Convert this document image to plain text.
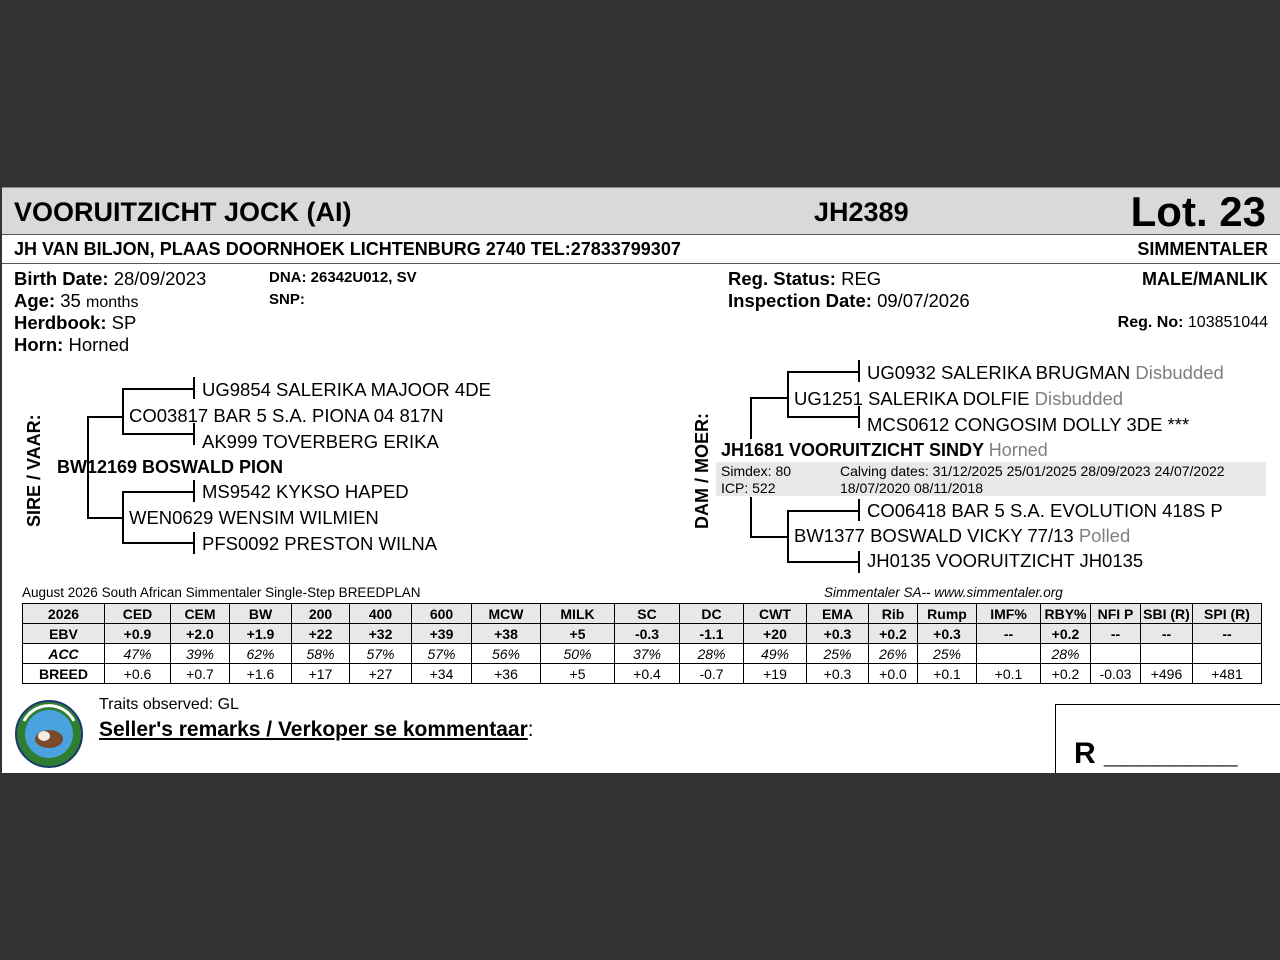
VOORUITZICHT JOCK (AI)	JH2389	Lot. 23
JH VAN BILJON, PLAAS DOORNHOEK LICHTENBURG 2740 TEL:27833799307	SIMMENTALER
Birth Date: 28/09/2023
Age: 35 months
Herdbook: SP
Horn: Horned
DNA: 26342U012, SV
SNP:
Reg. Status: REG
Inspection Date: 09/07/2026
MALE/MANLIK
Reg. No: 103851044
SIRE / VAAR:
UG9854 SALERIKA MAJOOR 4DE
CO03817 BAR 5 S.A. PIONA 04 817N
AK999 TOVERBERG ERIKA
BW12169 BOSWALD PION
MS9542 KYKSO HAPED
WEN0629 WENSIM WILMIEN
PFS0092 PRESTON WILNA
DAM / MOER:
UG0932 SALERIKA BRUGMAN Disbudded
UG1251 SALERIKA DOLFIE Disbudded
MCS0612 CONGOSIM DOLLY 3DE ***
JH1681 VOORUITZICHT SINDY Horned
Simdex: 80
ICP: 522
Calving dates: 31/12/2025 25/01/2025 28/09/2023 24/07/2022
18/07/2020 08/11/2018
CO06418 BAR 5 S.A. EVOLUTION 418S P
BW1377 BOSWALD VICKY 77/13 Polled
JH0135 VOORUITZICHT JH0135
August 2026 South African Simmentaler Single-Step BREEDPLAN	Simmentaler SA-- www.simmentaler.org
2026	CED	CEM	BW	200	400	600	MCW	MILK	SC	DC	CWT	EMA	Rib	Rump	IMF%	RBY%	NFI P	SBI (R)	SPI (R)
EBV	+0.9	+2.0	+1.9	+22	+32	+39	+38	+5	-0.3	-1.1	+20	+0.3	+0.2	+0.3	--	+0.2	--	--	--
ACC	47%	39%	62%	58%	57%	57%	56%	50%	37%	28%	49%	25%	26%	25%		28%			
BREED	+0.6	+0.7	+1.6	+17	+27	+34	+36	+5	+0.4	-0.7	+19	+0.3	+0.0	+0.1	+0.1	+0.2	-0.03	+496	+481
Traits observed: GL
Seller's remarks / Verkoper se kommentaar:
R ________
